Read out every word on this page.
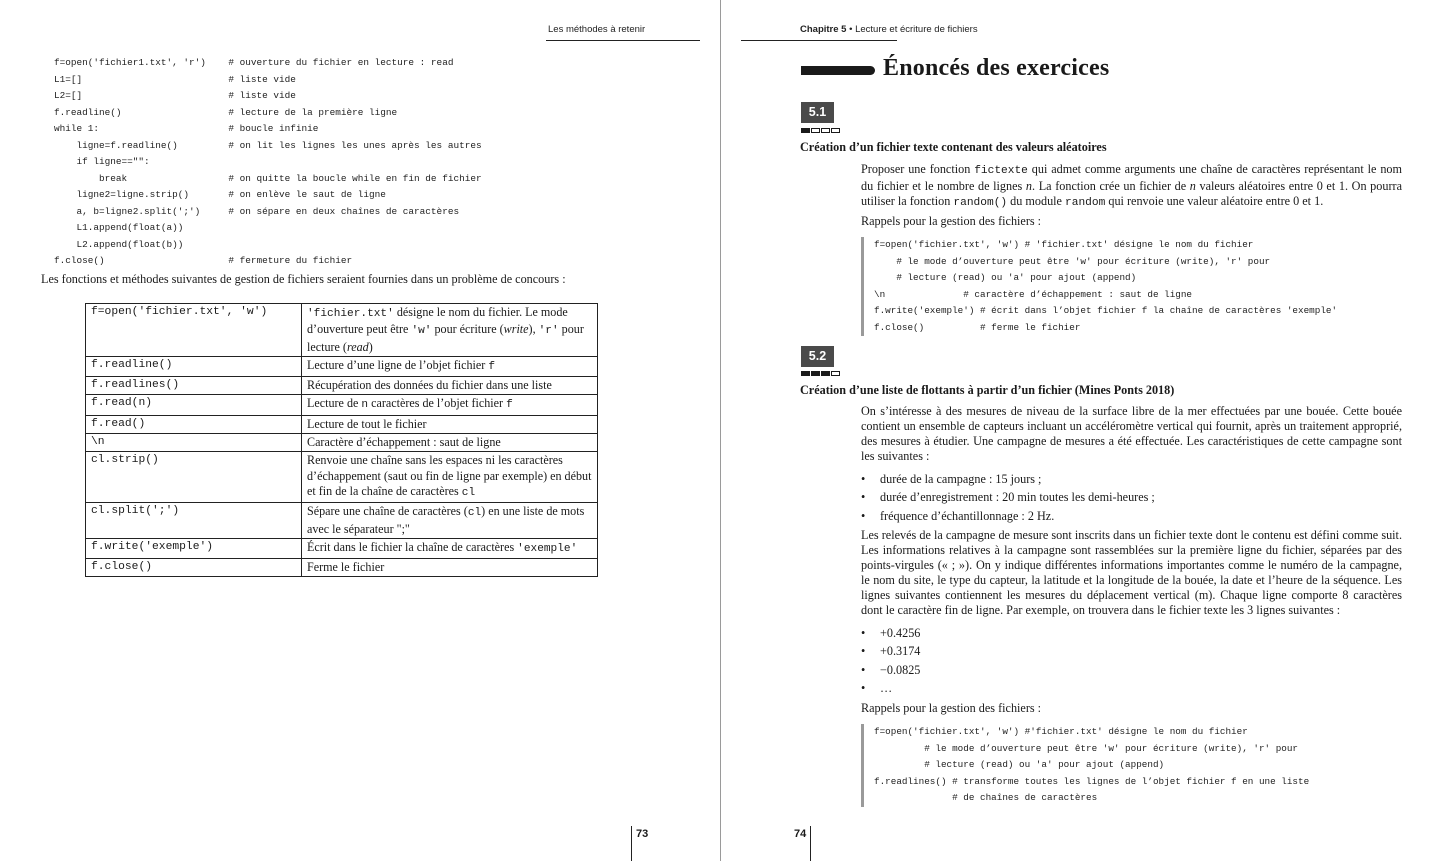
Les méthodes à retenir
f=open('fichier1.txt', 'r')    # ouverture du fichier en lecture : read
L1=[]                          # liste vide
L2=[]                          # liste vide
f.readline()                   # lecture de la première ligne
while 1:                       # boucle infinie
ligne=f.readline()         # on lit les lignes les unes après les autres
if ligne=="":
break                  # on quitte la boucle while en fin de fichier
ligne2=ligne.strip()       # on enlève le saut de ligne
a, b=ligne2.split(';')     # on sépare en deux chaînes de caractères
L1.append(float(a))
L2.append(float(b))
f.close()                      # fermeture du fichier
Les fonctions et méthodes suivantes de gestion de fichiers seraient fournies dans un problème de concours :
f=open('fichier.txt', 'w')	'fichier.txt' désigne le nom du fichier. Le mode d’ouverture peut être 'w' pour écriture (write), 'r' pour lecture (read)
f.readline()	Lecture d’une ligne de l’objet fichier f
f.readlines()	Récupération des données du fichier dans une liste
f.read(n)	Lecture de n caractères de l’objet fichier f
f.read()	Lecture de tout le fichier
\n	Caractère d’échappement : saut de ligne
cl.strip()	Renvoie une chaîne sans les espaces ni les caractères d’échappement (saut ou fin de ligne par exemple) en début et fin de la chaîne de caractères cl
cl.split(';')	Sépare une chaîne de caractères (cl) en une liste de mots avec le séparateur ";"
f.write('exemple')	Écrit dans le fichier la chaîne de caractères 'exemple'
f.close()	Ferme le fichier
73
Chapitre 5 • Lecture et écriture de fichiers
Énoncés des exercices
5.1
Création d’un fichier texte contenant des valeurs aléatoires
Proposer une fonction fictexte qui admet comme arguments une chaîne de caractères représentant le nom du fichier et le nombre de lignes n. La fonction crée un fichier de n valeurs aléatoires entre 0 et 1. On pourra utiliser la fonction random() du module random qui renvoie une valeur aléatoire entre 0 et 1.
Rappels pour la gestion des fichiers :
f=open('fichier.txt', 'w') # 'fichier.txt' désigne le nom du fichier
# le mode d’ouverture peut être 'w' pour écriture (write), 'r' pour
# lecture (read) ou 'a' pour ajout (append)
\n              # caractère d’échappement : saut de ligne
f.write('exemple') # écrit dans l’objet fichier f la chaîne de caractères 'exemple'
f.close()          # ferme le fichier
5.2
Création d’une liste de flottants à partir d’un fichier (Mines Ponts 2018)
On s’intéresse à des mesures de niveau de la surface libre de la mer effectuées par une bouée. Cette bouée contient un ensemble de capteurs incluant un accéléromètre vertical qui fournit, après un traitement approprié, des mesures à étudier. Une campagne de mesures a été effectuée. Les caractéristiques de cette campagne sont les suivantes :
• durée de la campagne : 15 jours ;
• durée d’enregistrement : 20 min toutes les demi-heures ;
• fréquence d’échantillonnage : 2 Hz.
Les relevés de la campagne de mesure sont inscrits dans un fichier texte dont le contenu est défini comme suit. Les informations relatives à la campagne sont rassemblées sur la première ligne du fichier, séparées par des points-virgules (« ; »). On y indique différentes informations importantes comme le numéro de la campagne, le nom du site, le type du capteur, la latitude et la longitude de la bouée, la date et l’heure de la séquence. Les lignes suivantes contiennent les mesures du déplacement vertical (m). Chaque ligne comporte 8 caractères dont le caractère fin de ligne. Par exemple, on trouvera dans le fichier texte les 3 lignes suivantes :
• +0.4256
• +0.3174
• −0.0825
• …
Rappels pour la gestion des fichiers :
f=open('fichier.txt', 'w') #'fichier.txt' désigne le nom du fichier
# le mode d’ouverture peut être 'w' pour écriture (write), 'r' pour
# lecture (read) ou 'a' pour ajout (append)
f.readlines() # transforme toutes les lignes de l’objet fichier f en une liste
# de chaînes de caractères
74
